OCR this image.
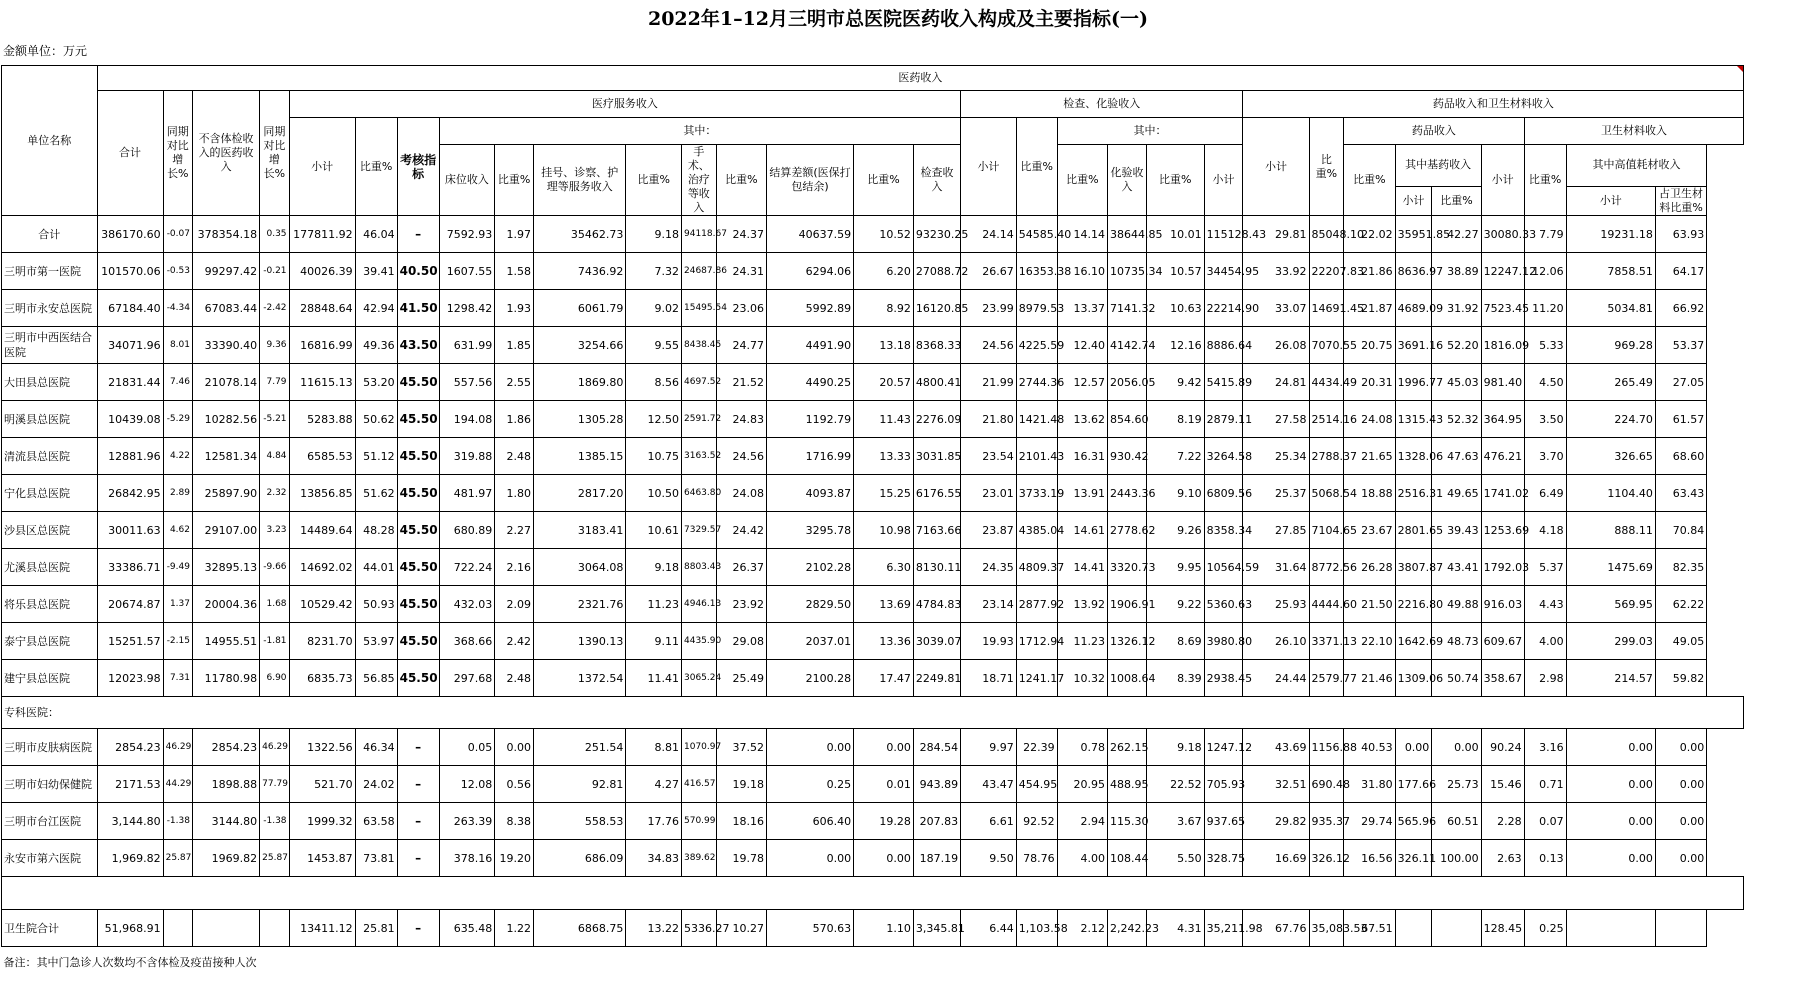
2022年1–12月三明市总医院医药收入构成及主要指标(一)
金额单位：万元
单位名称	医药收入																														
	合计	同期对比增长%	不含体检收入的医药收入	同期对比增长%	医疗服务收入												检查、化验收入						药品收入和卫生材料收入								
					小计	比重%	考核指标	其中：									小计	比重%	其中：				小计	比重%	药品收入				卫生材料收入		
								床位收入	比重%	挂号、诊察、护理等服务收入	比重%	手术、治疗等收入	比重%	结算差额(医保打包结余)	比重%	检查收入			比重%	化验收入	比重%	小计			比重%	其中基药收入		小计	比重%	其中高值耗材收入	
																										小计	比重%			小计	占卫生材料比重%
合计	386170.60	-0.07	378354.18	0.35	177811.92	46.04	–	7592.93	1.97	35462.73	9.18	94118.67	24.37	40637.59	10.52	93230.25	24.14	54585.40	14.14	38644.85	10.01	115128.43	29.81	85048.10	22.02	35951.85	42.27	30080.33	7.79	19231.18	63.93
三明市第一医院	101570.06	-0.53	99297.42	-0.21	40026.39	39.41	40.50	1607.55	1.58	7436.92	7.32	24687.86	24.31	6294.06	6.20	27088.72	26.67	16353.38	16.10	10735.34	10.57	34454.95	33.92	22207.83	21.86	8636.97	38.89	12247.12	12.06	7858.51	64.17
三明市永安总医院	67184.40	-4.34	67083.44	-2.42	28848.64	42.94	41.50	1298.42	1.93	6061.79	9.02	15495.54	23.06	5992.89	8.92	16120.85	23.99	8979.53	13.37	7141.32	10.63	22214.90	33.07	14691.45	21.87	4689.09	31.92	7523.45	11.20	5034.81	66.92
三明市中西医结合医院	34071.96	8.01	33390.40	9.36	16816.99	49.36	43.50	631.99	1.85	3254.66	9.55	8438.45	24.77	4491.90	13.18	8368.33	24.56	4225.59	12.40	4142.74	12.16	8886.64	26.08	7070.55	20.75	3691.16	52.20	1816.09	5.33	969.28	53.37
大田县总医院	21831.44	7.46	21078.14	7.79	11615.13	53.20	45.50	557.56	2.55	1869.80	8.56	4697.52	21.52	4490.25	20.57	4800.41	21.99	2744.36	12.57	2056.05	9.42	5415.89	24.81	4434.49	20.31	1996.77	45.03	981.40	4.50	265.49	27.05
明溪县总医院	10439.08	-5.29	10282.56	-5.21	5283.88	50.62	45.50	194.08	1.86	1305.28	12.50	2591.72	24.83	1192.79	11.43	2276.09	21.80	1421.48	13.62	854.60	8.19	2879.11	27.58	2514.16	24.08	1315.43	52.32	364.95	3.50	224.70	61.57
清流县总医院	12881.96	4.22	12581.34	4.84	6585.53	51.12	45.50	319.88	2.48	1385.15	10.75	3163.52	24.56	1716.99	13.33	3031.85	23.54	2101.43	16.31	930.42	7.22	3264.58	25.34	2788.37	21.65	1328.06	47.63	476.21	3.70	326.65	68.60
宁化县总医院	26842.95	2.89	25897.90	2.32	13856.85	51.62	45.50	481.97	1.80	2817.20	10.50	6463.80	24.08	4093.87	15.25	6176.55	23.01	3733.19	13.91	2443.36	9.10	6809.56	25.37	5068.54	18.88	2516.31	49.65	1741.02	6.49	1104.40	63.43
沙县区总医院	30011.63	4.62	29107.00	3.23	14489.64	48.28	45.50	680.89	2.27	3183.41	10.61	7329.57	24.42	3295.78	10.98	7163.66	23.87	4385.04	14.61	2778.62	9.26	8358.34	27.85	7104.65	23.67	2801.65	39.43	1253.69	4.18	888.11	70.84
尤溪县总医院	33386.71	-9.49	32895.13	-9.66	14692.02	44.01	45.50	722.24	2.16	3064.08	9.18	8803.43	26.37	2102.28	6.30	8130.11	24.35	4809.37	14.41	3320.73	9.95	10564.59	31.64	8772.56	26.28	3807.87	43.41	1792.03	5.37	1475.69	82.35
将乐县总医院	20674.87	1.37	20004.36	1.68	10529.42	50.93	45.50	432.03	2.09	2321.76	11.23	4946.13	23.92	2829.50	13.69	4784.83	23.14	2877.92	13.92	1906.91	9.22	5360.63	25.93	4444.60	21.50	2216.80	49.88	916.03	4.43	569.95	62.22
泰宁县总医院	15251.57	-2.15	14955.51	-1.81	8231.70	53.97	45.50	368.66	2.42	1390.13	9.11	4435.90	29.08	2037.01	13.36	3039.07	19.93	1712.94	11.23	1326.12	8.69	3980.80	26.10	3371.13	22.10	1642.69	48.73	609.67	4.00	299.03	49.05
建宁县总医院	12023.98	7.31	11780.98	6.90	6835.73	56.85	45.50	297.68	2.48	1372.54	11.41	3065.24	25.49	2100.28	17.47	2249.81	18.71	1241.17	10.32	1008.64	8.39	2938.45	24.44	2579.77	21.46	1309.06	50.74	358.67	2.98	214.57	59.82
专科医院：																															
三明市皮肤病医院	2854.23	46.29	2854.23	46.29	1322.56	46.34	–	0.05	0.00	251.54	8.81	1070.97	37.52	0.00	0.00	284.54	9.97	22.39	0.78	262.15	9.18	1247.12	43.69	1156.88	40.53	0.00	0.00	90.24	3.16	0.00	0.00
三明市妇幼保健院	2171.53	44.29	1898.88	77.79	521.70	24.02	–	12.08	0.56	92.81	4.27	416.57	19.18	0.25	0.01	943.89	43.47	454.95	20.95	488.95	22.52	705.93	32.51	690.48	31.80	177.66	25.73	15.46	0.71	0.00	0.00
三明市台江医院	3,144.80	-1.38	3144.80	-1.38	1999.32	63.58	–	263.39	8.38	558.53	17.76	570.99	18.16	606.40	19.28	207.83	6.61	92.52	2.94	115.30	3.67	937.65	29.82	935.37	29.74	565.96	60.51	2.28	0.07	0.00	0.00
永安市第六医院	1,969.82	25.87	1969.82	25.87	1453.87	73.81	–	378.16	19.20	686.09	34.83	389.62	19.78	0.00	0.00	187.19	9.50	78.76	4.00	108.44	5.50	328.75	16.69	326.12	16.56	326.11	100.00	2.63	0.13	0.00	0.00

卫生院合计	51,968.91				13411.12	25.81	–	635.48	1.22	6868.75	13.22	5336.27	10.27	570.63	1.10	3,345.81	6.44	1,103.58	2.12	2,242.23	4.31	35,211.98	67.76	35,083.53	67.51			128.45	0.25		
备注：其中门急诊人次数均不含体检及疫苗接种人次																															
